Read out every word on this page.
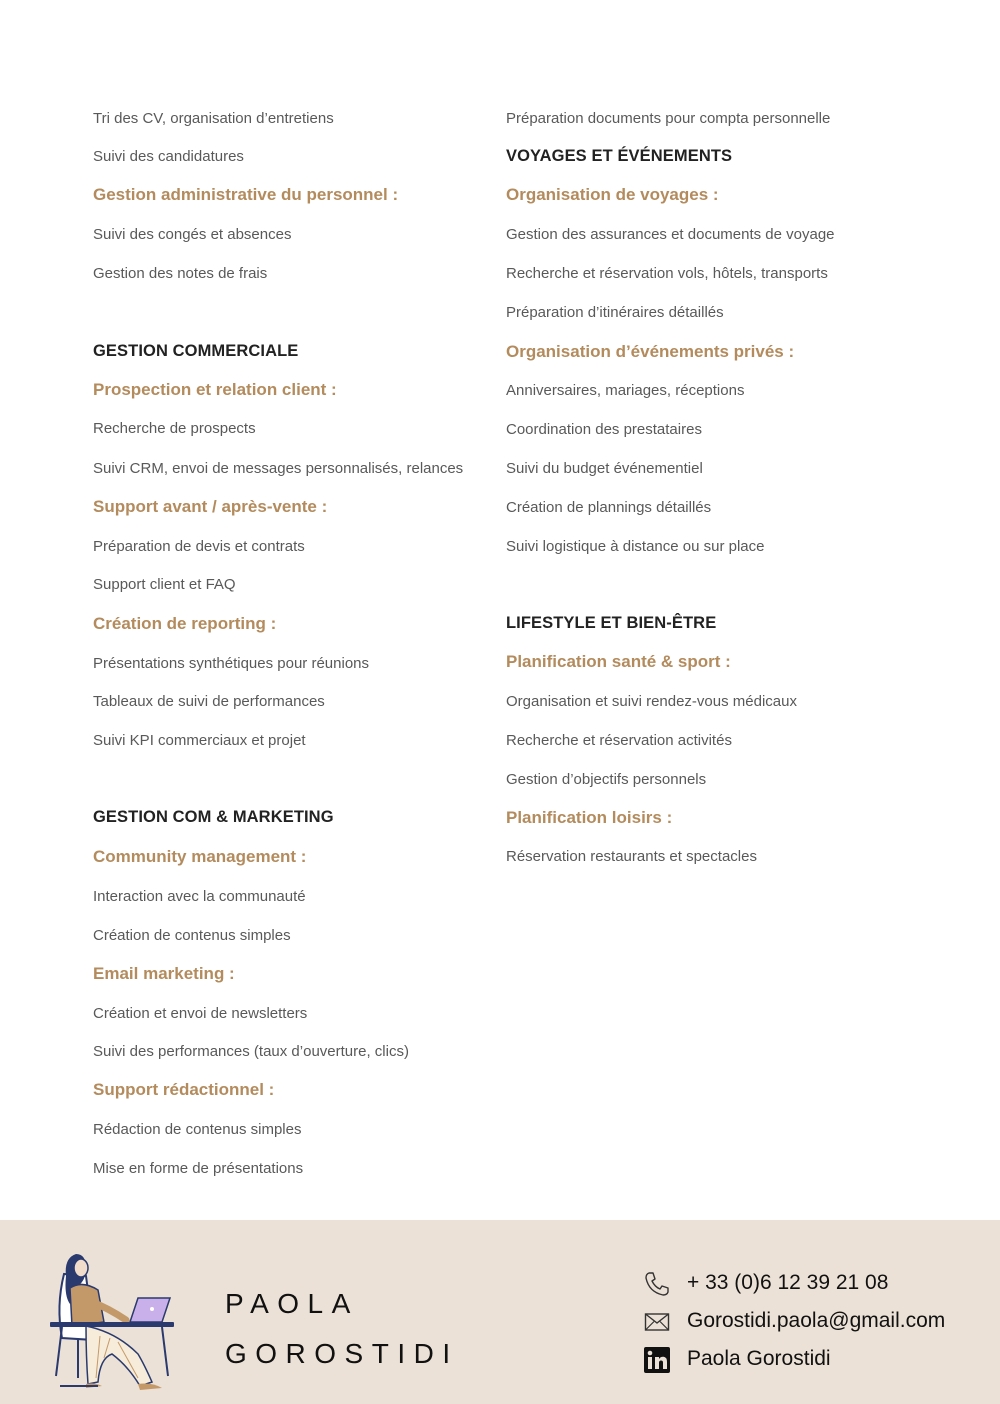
Tri des CV, organisation d’entretiens
Suivi des candidatures
Gestion administrative du personnel :
Suivi des congés et absences
Gestion des notes de frais
GESTION COMMERCIALE
Prospection et relation client :
Recherche de prospects
Suivi CRM, envoi de messages personnalisés, relances
Support avant / après-vente :
Préparation de devis et contrats
Support client et FAQ
Création de reporting :
Présentations synthétiques pour réunions
Tableaux de suivi de performances
Suivi KPI commerciaux et projet
GESTION COM & MARKETING
Community management :
Interaction avec la communauté
Création de contenus simples
Email marketing :
Création et envoi de newsletters
Suivi des performances (taux d’ouverture, clics)
Support rédactionnel :
Rédaction de contenus simples
Mise en forme de présentations
Préparation documents pour compta personnelle
VOYAGES ET ÉVÉNEMENTS
Organisation de voyages :
Gestion des assurances et documents de voyage
Recherche et réservation vols, hôtels, transports
Préparation d’itinéraires détaillés
Organisation d’événements privés :
Anniversaires, mariages, réceptions
Coordination des prestataires
Suivi du budget événementiel
Création de plannings détaillés
Suivi logistique à distance ou sur place
LIFESTYLE ET BIEN-ÊTRE
Planification santé & sport :
Organisation et suivi rendez-vous médicaux
Recherche et réservation activités
Gestion d’objectifs personnels
Planification loisirs :
Réservation restaurants et spectacles
PAOLA
GOROSTIDI
+ 33 (0)6 12 39 21 08
Gorostidi.paola@gmail.com
Paola Gorostidi
